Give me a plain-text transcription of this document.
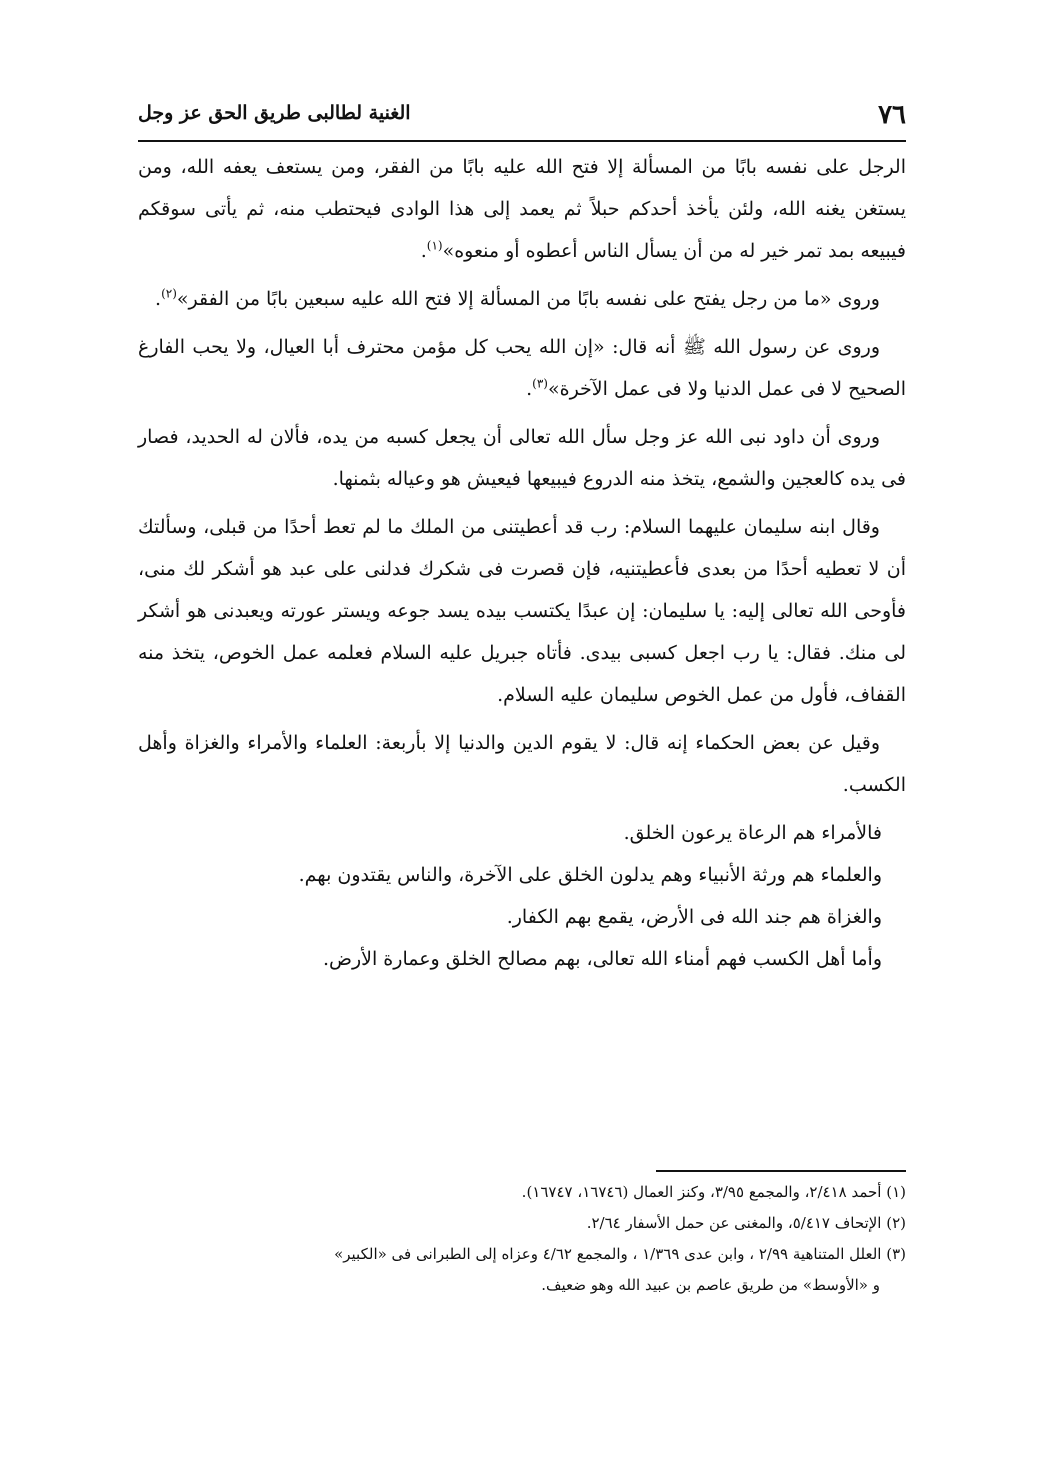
٧٦
الغنية لطالبى طريق الحق عز وجل

الرجل على نفسه بابًا من المسألة إلا فتح الله عليه بابًا من الفقر، ومن يستعف يعفه الله، ومن يستغن يغنه الله، ولئن يأخذ أحدكم حبلاً ثم يعمد إلى هذا الوادى فيحتطب منه، ثم يأتى سوقكم فيبيعه بمد تمر خير له من أن يسأل الناس أعطوه أو منعوه»$^{(١)}$.

وروى «ما من رجل يفتح على نفسه بابًا من المسألة إلا فتح الله عليه سبعين بابًا من الفقر»$^{(٢)}$.

وروى عن رسول الله ﷺ أنه قال: «إن الله يحب كل مؤمن محترف أبا العيال، ولا يحب الفارغ الصحيح لا فى عمل الدنيا ولا فى عمل الآخرة»$^{(٣)}$.

وروى أن داود نبى الله عز وجل سأل الله تعالى أن يجعل كسبه من يده، فألان له الحديد، فصار فى يده كالعجين والشمع، يتخذ منه الدروع فيبيعها فيعيش هو وعياله بثمنها.

وقال ابنه سليمان عليهما السلام: رب قد أعطيتنى من الملك ما لم تعط أحدًا من قبلى، وسألتك أن لا تعطيه أحدًا من بعدى فأعطيتنيه، فإن قصرت فى شكرك فدلنى على عبد هو أشكر لك منى، فأوحى الله تعالى إليه: يا سليمان: إن عبدًا يكتسب بيده يسد جوعه ويستر عورته ويعبدنى هو أشكر لى منك. فقال: يا رب اجعل كسبى بيدى. فأتاه جبريل عليه السلام فعلمه عمل الخوص، يتخذ منه القفاف، فأول من عمل الخوص سليمان عليه السلام.

وقيل عن بعض الحكماء إنه قال: لا يقوم الدين والدنيا إلا بأربعة: العلماء والأمراء والغزاة وأهل الكسب.

فالأمراء هم الرعاة يرعون الخلق.

والعلماء هم ورثة الأنبياء وهم يدلون الخلق على الآخرة، والناس يقتدون بهم.

والغزاة هم جند الله فى الأرض، يقمع بهم الكفار.

وأما أهل الكسب فهم أمناء الله تعالى، بهم مصالح الخلق وعمارة الأرض.

(١) أحمد ٢/٤١٨، والمجمع ٣/٩٥، وكنز العمال (١٦٧٤٦، ١٦٧٤٧).

(٢) الإتحاف ٥/٤١٧، والمغنى عن حمل الأسفار ٢/٦٤.

(٣) العلل المتناهية ٢/٩٩ ، وابن عدى ١/٣٦٩ ، والمجمع ٤/٦٢ وعزاه إلى الطبرانى فى «الكبير»

و «الأوسط» من طريق عاصم بن عبيد الله وهو ضعيف.
